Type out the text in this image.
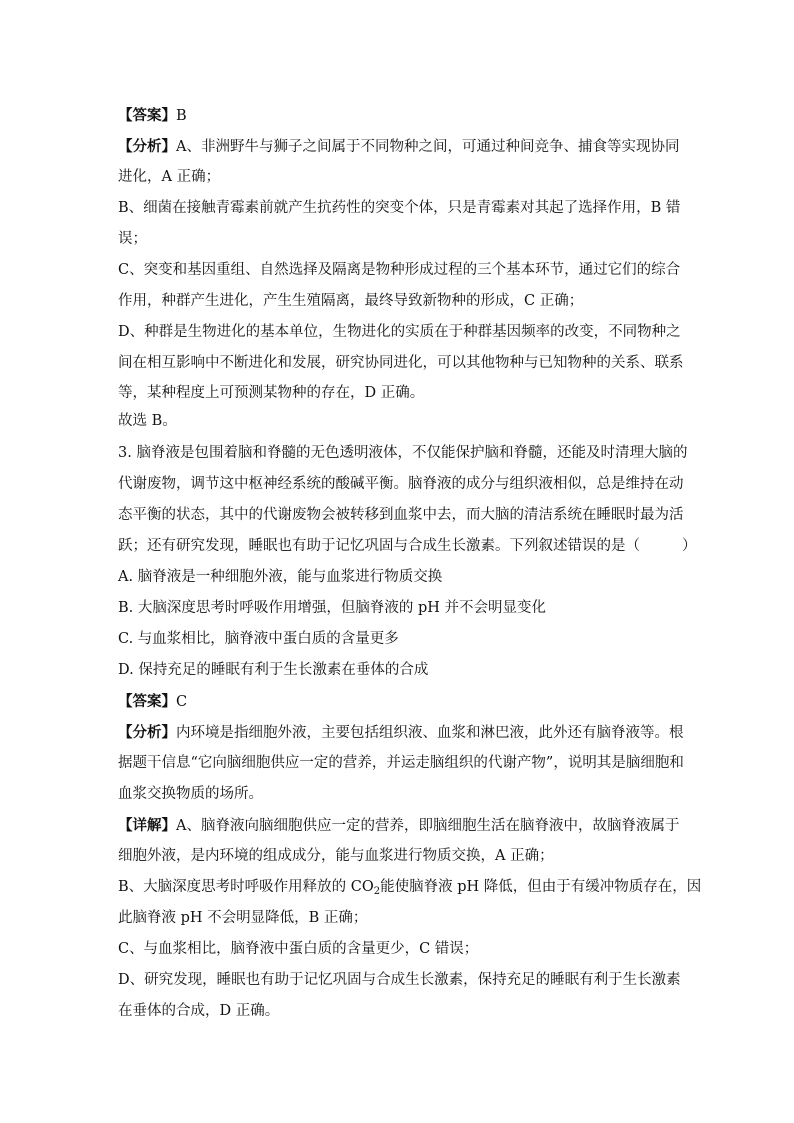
【答案】B

【分析】A、非洲野牛与狮子之间属于不同物种之间，可通过种间竞争、捕食等实现协同

进化，A 正确；

B、细菌在接触青霉素前就产生抗药性的突变个体，只是青霉素对其起了选择作用，B 错

误；

C、突变和基因重组、自然选择及隔离是物种形成过程的三个基本环节，通过它们的综合

作用，种群产生进化，产生生殖隔离，最终导致新物种的形成，C 正确；

D、种群是生物进化的基本单位，生物进化的实质在于种群基因频率的改变，不同物种之

间在相互影响中不断进化和发展，研究协同进化，可以其他物种与已知物种的关系、联系

等，某种程度上可预测某物种的存在，D 正确。

故选 B。

3. 脑脊液是包围着脑和脊髓的无色透明液体，不仅能保护脑和脊髓，还能及时清理大脑的

代谢废物，调节这中枢神经系统的酸碱平衡。脑脊液的成分与组织液相似，总是维持在动

态平衡的状态，其中的代谢废物会被转移到血浆中去，而大脑的清洁系统在睡眠时最为活

跃；还有研究发现，睡眠也有助于记忆巩固与合成生长激素。下列叙述错误的是（	）

A. 脑脊液是一种细胞外液，能与血浆进行物质交换

B. 大脑深度思考时呼吸作用增强，但脑脊液的 pH 并不会明显变化

C. 与血浆相比，脑脊液中蛋白质的含量更多

D. 保持充足的睡眠有利于生长激素在垂体的合成

【答案】C

【分析】内环境是指细胞外液，主要包括组织液、血浆和淋巴液，此外还有脑脊液等。根

据题干信息“它向脑细胞供应一定的营养，并运走脑组织的代谢产物”，说明其是脑细胞和

血浆交换物质的场所。

【详解】A、脑脊液向脑细胞供应一定的营养，即脑细胞生活在脑脊液中，故脑脊液属于

细胞外液，是内环境的组成成分，能与血浆进行物质交换，A 正确；

B、大脑深度思考时呼吸作用释放的 $CO_2$能使脑脊液 pH 降低，但由于有缓冲物质存在，因

此脑脊液 pH 不会明显降低，B 正确；

C、与血浆相比，脑脊液中蛋白质的含量更少，C 错误；

D、研究发现，睡眠也有助于记忆巩固与合成生长激素，保持充足的睡眠有利于生长激素

在垂体的合成，D 正确。
